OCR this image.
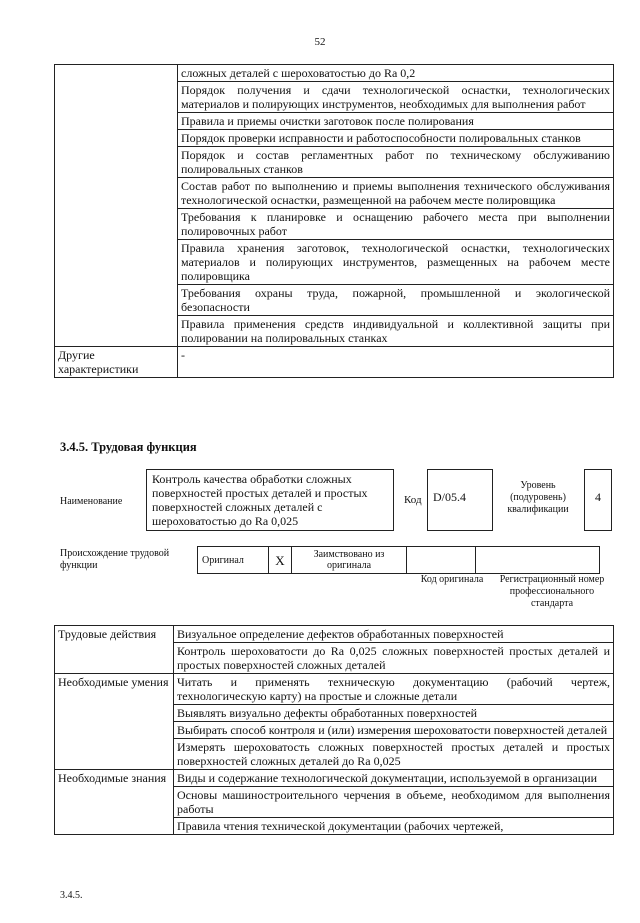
52
	сложных деталей с шероховатостью до Ra 0,2
	Порядок получения и сдачи технологической оснастки, технологических материалов и полирующих инструментов, необходимых для выполнения работ
	Правила и приемы очистки заготовок после полирования
	Порядок проверки исправности и работоспособности полировальных станков
	Порядок и состав регламентных работ по техническому обслуживанию полировальных станков
	Состав работ по выполнению и приемы выполнения технического обслуживания технологической оснастки, размещенной на рабочем месте полировщика
	Требования к планировке и оснащению рабочего места при выполнении полировочных работ
	Правила хранения заготовок, технологической оснастки, технологических материалов и полирующих инструментов, размещенных на рабочем месте полировщика
	Требования охраны труда, пожарной, промышленной и экологической безопасности
	Правила применения средств индивидуальной и коллективной защиты при полировании на полировальных станках
Другие характеристики	-
3.4.5. Трудовая функция
Наименование
Контроль качества обработки сложных поверхностей простых деталей и простых поверхностей сложных деталей с шероховатостью до Ra 0,025
Код D/05.4
Уровень (подуровень) квалификации
4
Происхождение трудовой функции	Оригинал	X	Заимствовано из оригинала		
Код оригинала	Регистрационный номер профессионального стандарта
Трудовые действия	Визуальное определение дефектов обработанных поверхностей
	Контроль шероховатости до Ra 0,025 сложных поверхностей простых деталей и простых поверхностей сложных деталей
Необходимые умения	Читать и применять техническую документацию (рабочий чертеж, технологическую карту) на простые и сложные детали
	Выявлять визуально дефекты обработанных поверхностей
	Выбирать способ контроля и (или) измерения шероховатости поверхностей деталей
	Измерять шероховатость сложных поверхностей простых деталей и простых поверхностей сложных деталей до Ra 0,025
Необходимые знания	Виды и содержание технологической документации, используемой в организации
	Основы машиностроительного черчения в объеме, необходимом для выполнения работы
	Правила чтения технической документации (рабочих чертежей,
3.4.5.
